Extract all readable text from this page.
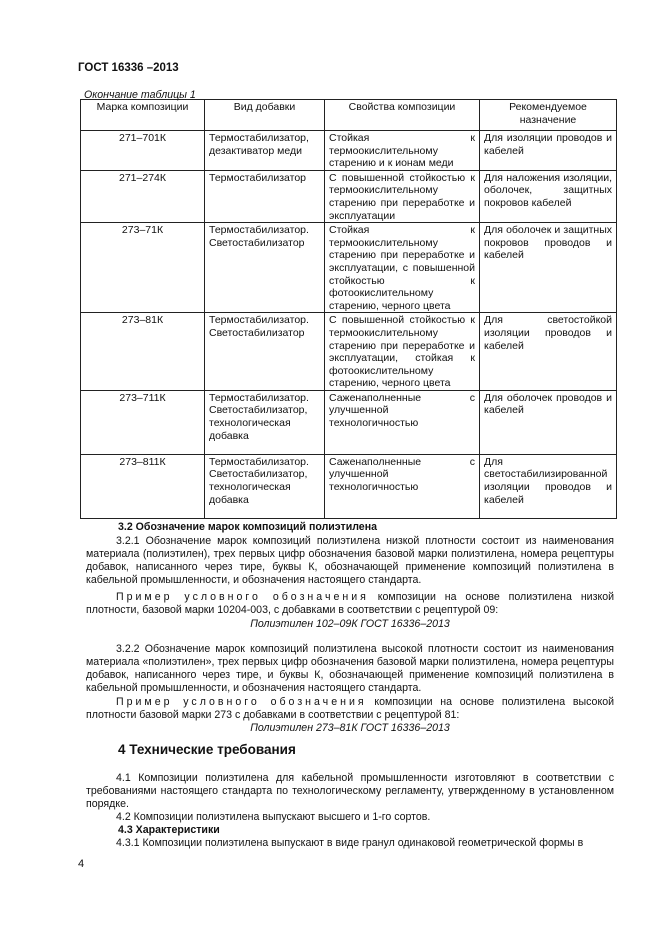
ГОСТ 16336 –2013
Окончание таблицы 1
Марка композиции	Вид добавки	Свойства композиции	Рекомендуемое назначение
271–701К	Термостабилизатор, дезактиватор меди	Стойкая к термоокислительному старению и к ионам меди	Для изоляции проводов и кабелей
271–274К	Термостабилизатор	С повышенной стойкостью к термоокислительному старению при переработке и эксплуатации	Для наложения изоляции, оболочек, защитных покровов кабелей
273–71К	Термостабилизатор. Светостабилизатор	Стойкая к термоокислительному старению при переработке и эксплуатации, с повышенной стойкостью к фотоокислительному старению, черного цвета	Для оболочек и защитных покровов проводов и кабелей
273–81К	Термостабилизатор. Светостабилизатор	С повышенной стойкостью к термоокислительному старению при переработке и эксплуатации, стойкая к фотоокислительному старению, черного цвета	Для светостойкой изоляции проводов и кабелей
273–711К	Термостабилизатор. Светостабилизатор, технологическая добавка	Саженаполненные с улучшенной технологичностью	Для оболочек проводов и кабелей
273–811К	Термостабилизатор. Светостабилизатор, технологическая добавка	Саженаполненные с улучшенной технологичностью	Для светостабилизированной изоляции проводов и кабелей
3.2 Обозначение марок композиций полиэтилена
3.2.1 Обозначение марок композиций полиэтилена низкой плотности состоит из наименования материала (полиэтилен), трех первых цифр обозначения базовой марки полиэтилена, номера рецептуры добавок, написанного через тире, буквы К, обозначающей применение композиций полиэтилена в кабельной промышленности, и обозначения настоящего стандарта.
Пример условного обозначения композиции на основе полиэтилена низкой плотности, базовой марки 10204-003, с добавками в соответствии с рецептурой 09:
Полиэтилен 102–09К ГОСТ 16336–2013
3.2.2 Обозначение марок композиций полиэтилена высокой плотности состоит из наименования материала «полиэтилен», трех первых цифр обозначения базовой марки полиэтилена, номера рецептуры добавок, написанного через тире, и буквы К, обозначающей применение композиций полиэтилена в кабельной промышленности, и обозначения настоящего стандарта.
Пример условного обозначения композиции на основе полиэтилена высокой плотности базовой марки 273 с добавками в соответствии с рецептурой 81:
Полиэтилен 273–81К ГОСТ 16336–2013
4 Технические требования
4.1 Композиции полиэтилена для кабельной промышленности изготовляют в соответствии с требованиями настоящего стандарта по технологическому регламенту, утвержденному в установленном порядке.
4.2 Композиции полиэтилена выпускают высшего и 1-го сортов.
4.3 Характеристики
4.3.1 Композиции полиэтилена выпускают в виде гранул одинаковой геометрической формы в
4
